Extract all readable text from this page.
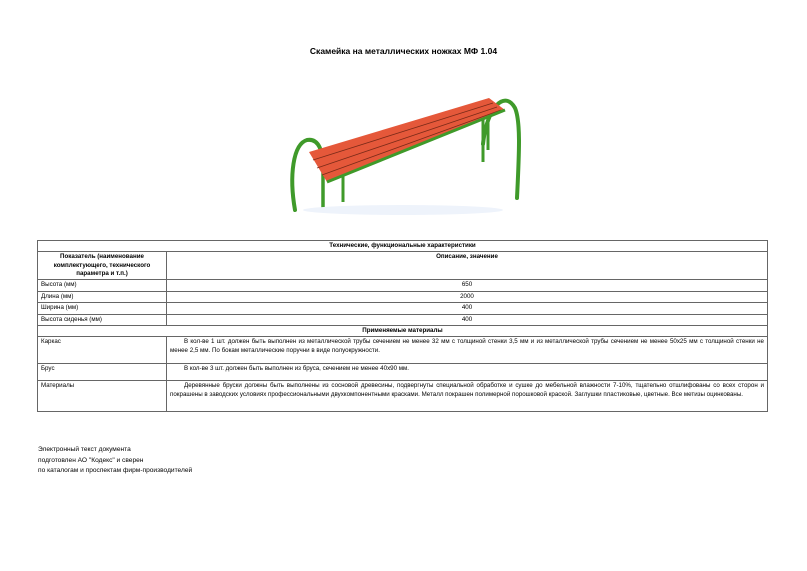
Скамейка на металлических ножках МФ 1.04
Технические, функциональные характеристики	
Показатель (наименование комплектующего, технического параметра и т.п.)	Описание, значение
Высота (мм)	650
Длина (мм)	2000
Ширина (мм)	400
Высота сиденья (мм)	400
Применяемые материалы	
Каркас	В кол-ве 1 шт. должен быть выполнен из металлической трубы сечением не менее 32 мм с толщиной стенки 3,5 мм и из металлической трубы сечением не менее 50х25 мм с толщиной стенки не менее 2,5 мм. По бокам металлические поручни в виде полуокружности.
Брус	В кол-ве 3 шт. должен быть выполнен из бруса, сечением не менее 40х90 мм.
Материалы	Деревянные бруски должны быть выполнены из сосновой древесины, подвергнуты специальной обработке и сушке до мебельной влажности 7-10%, тщательно отшлифованы со всех сторон и покрашены в заводских условиях профессиональными двухкомпонентными красками. Металл покрашен полимерной порошковой краской. Заглушки пластиковые, цветные. Все метизы оцинкованы.
Электронный текст документа
подготовлен АО "Кодекс" и сверен
по каталогам и проспектам фирм-производителей
